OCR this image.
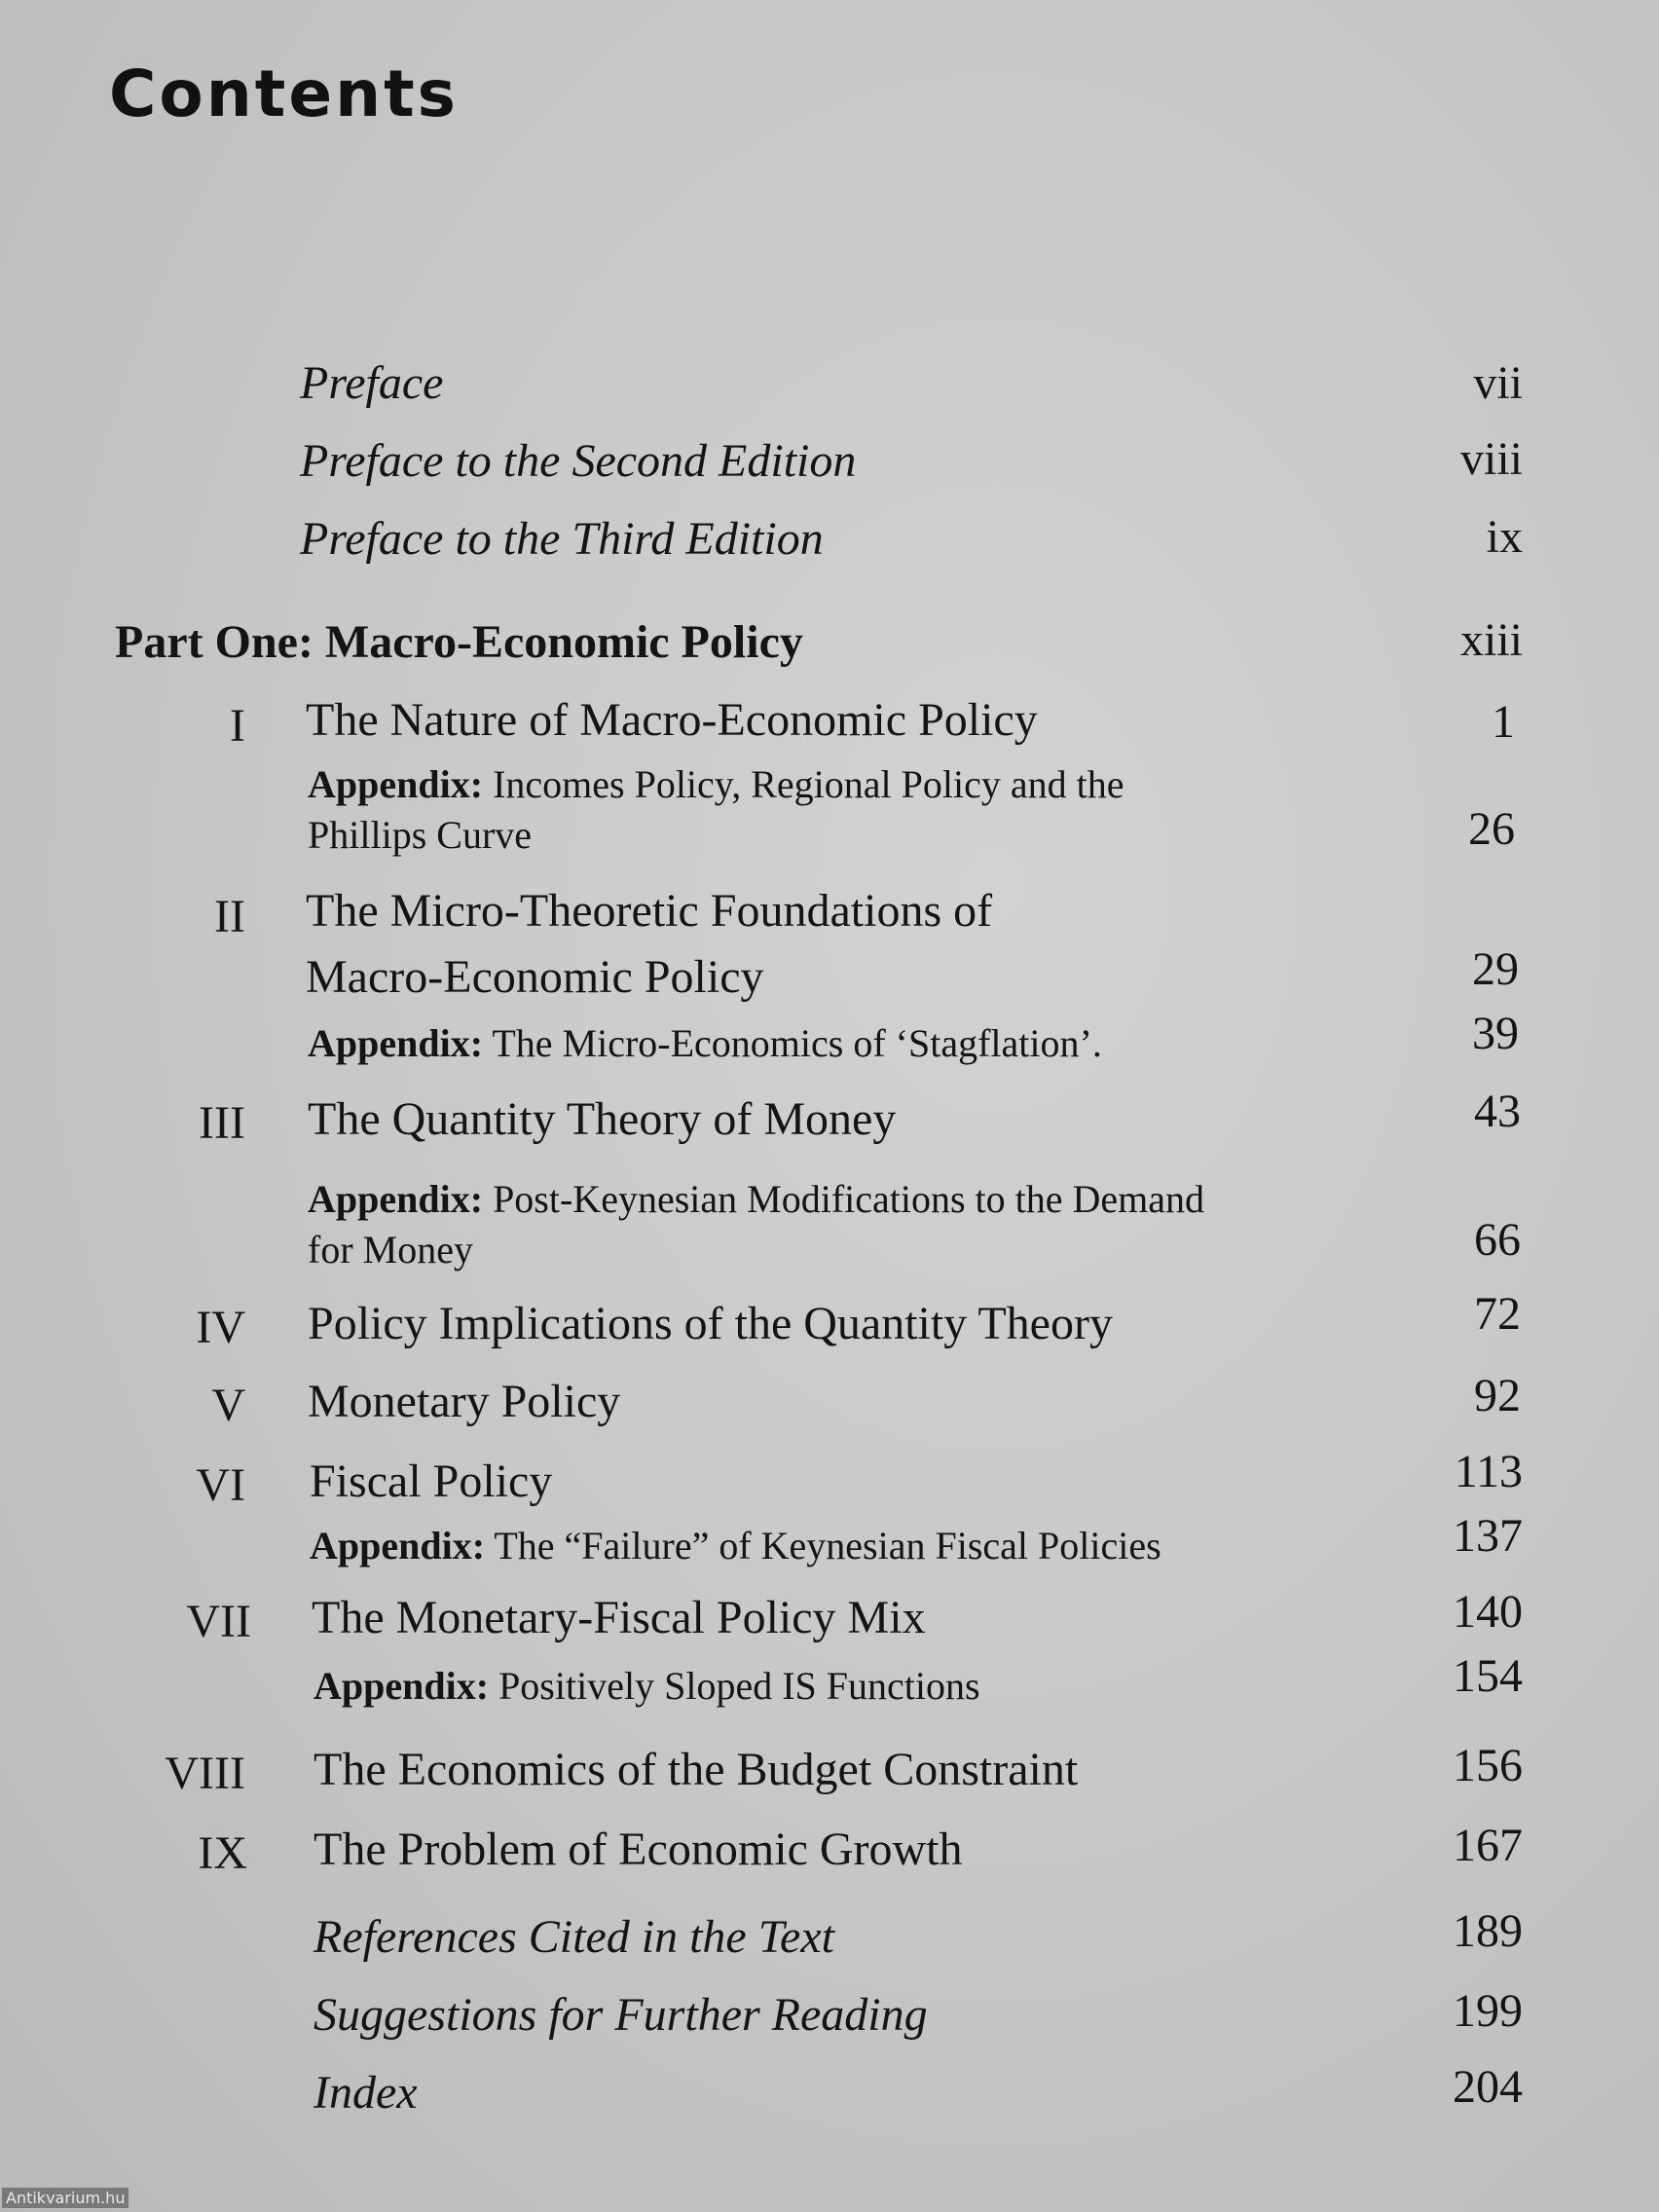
Contents
Preface	vii
Preface to the Second Edition	viii
Preface to the Third Edition	ix
Part One: Macro-Economic Policy	xiii
I The Nature of Macro-Economic Policy	1
Appendix: Incomes Policy, Regional Policy and the
Phillips Curve	26
II The Micro-Theoretic Foundations of
Macro-Economic Policy	29
Appendix: The Micro-Economics of ‘Stagflation’.	39
III The Quantity Theory of Money	43
Appendix: Post-Keynesian Modifications to the Demand
for Money	66
IV Policy Implications of the Quantity Theory	72
V Monetary Policy	92
VI Fiscal Policy	113
Appendix: The “Failure” of Keynesian Fiscal Policies	137
VII The Monetary-Fiscal Policy Mix	140
Appendix: Positively Sloped IS Functions	154
VIII The Economics of the Budget Constraint	156
IX The Problem of Economic Growth	167
References Cited in the Text	189
Suggestions for Further Reading	199
Index	204
Antikvarium.hu
